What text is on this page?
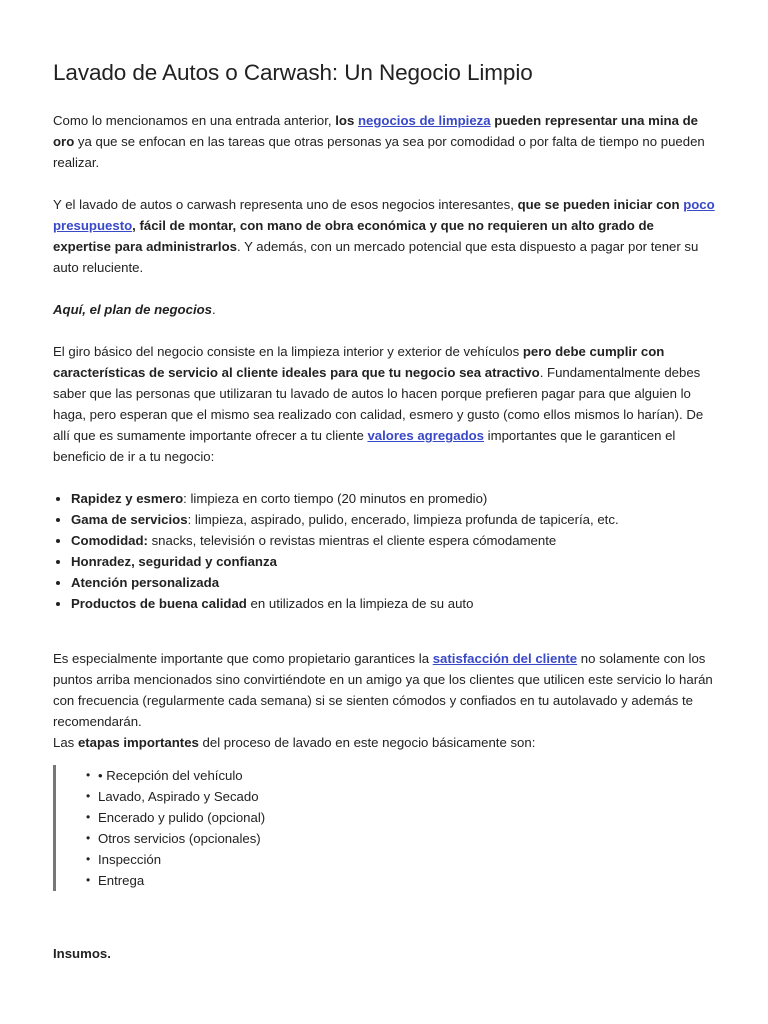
Lavado de Autos o Carwash: Un Negocio Limpio

Como lo mencionamos en una entrada anterior, los negocios de limpieza pueden representar una mina de oro ya que se enfocan en las tareas que otras personas ya sea por comodidad o por falta de tiempo no pueden realizar.

Y el lavado de autos o carwash representa uno de esos negocios interesantes, que se pueden iniciar con poco presupuesto, fácil de montar, con mano de obra económica y que no requieren un alto grado de expertise para administrarlos. Y además, con un mercado potencial que esta dispuesto a pagar por tener su auto reluciente.

Aquí, el plan de negocios.

El giro básico del negocio consiste en la limpieza interior y exterior de vehículos pero debe cumplir con características de servicio al cliente ideales para que tu negocio sea atractivo. Fundamentalmente debes saber que las personas que utilizaran tu lavado de autos lo hacen porque prefieren pagar para que alguien lo haga, pero esperan que el mismo sea realizado con calidad, esmero y gusto (como ellos mismos lo harían). De allí que es sumamente importante ofrecer a tu cliente valores agregados importantes que le garanticen el beneficio de ir a tu negocio:

• Rapidez y esmero: limpieza en corto tiempo (20 minutos en promedio)
• Gama de servicios: limpieza, aspirado, pulido, encerado, limpieza profunda de tapicería, etc.
• Comodidad: snacks, televisión o revistas mientras el cliente espera cómodamente
• Honradez, seguridad y confianza
• Atención personalizada
• Productos de buena calidad en utilizados en la limpieza de su auto

Es especialmente importante que como propietario garantices la satisfacción del cliente no solamente con los puntos arriba mencionados sino convirtiéndote en un amigo ya que los clientes que utilicen este servicio lo harán con frecuencia (regularmente cada semana) si se sienten cómodos y confiados en tu autolavado y además te recomendarán.

Las etapas importantes del proceso de lavado en este negocio básicamente son:

• • Recepción del vehículo
• Lavado, Aspirado y Secado
• Encerado y pulido (opcional)
• Otros servicios (opcionales)
• Inspección
• Entrega

Insumos.
